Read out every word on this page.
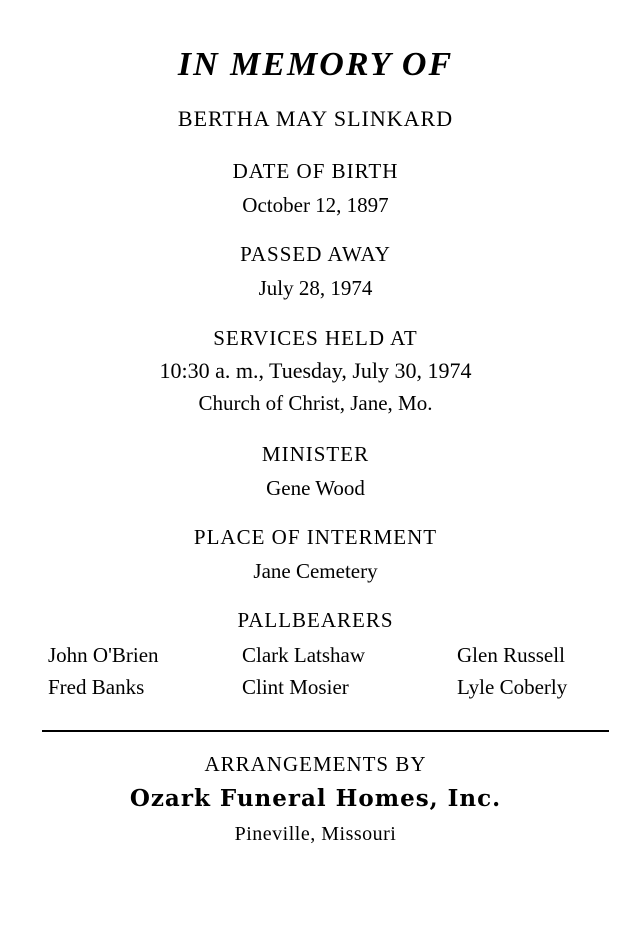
IN MEMORY OF
BERTHA MAY SLINKARD
DATE OF BIRTH
October 12, 1897
PASSED AWAY
July 28, 1974
SERVICES HELD AT
10:30 a. m., Tuesday, July 30, 1974
Church of Christ, Jane, Mo.
MINISTER
Gene Wood
PLACE OF INTERMENT
Jane Cemetery
PALLBEARERS
John O'Brien	Clark Latshaw	Glen Russell
Fred Banks	Clint Mosier	Lyle Coberly
ARRANGEMENTS BY
Ozark Funeral Homes, Inc.
Pineville, Missouri
